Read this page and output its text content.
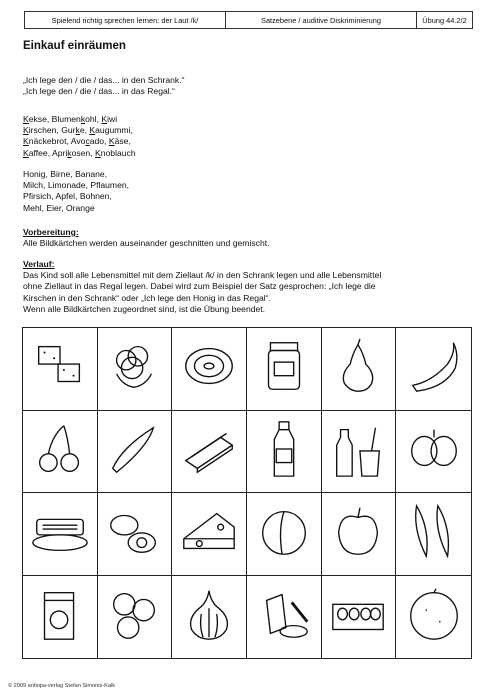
Spielend richtig sprechen lernen: der Laut /k/	Satzebene / auditive Diskriminierung	Übung 44.2/2
Einkauf einräumen

„Ich lege den / die / das... in den Schrank.“

„Ich lege den / die / das... in das Regal.“

Kekse, Blumenkohl, Kiwi

Kirschen, Gurke, Kaugummi,

Knäckebrot, Avocado, Käse,

Kaffee, Aprikosen, Knoblauch

Honig, Birne, Banane,

Milch, Limonade, Pflaumen,

Pfirsich, Apfel, Bohnen,

Mehl, Eier, Orange

Vorbereitung:

Alle Bildkärtchen werden auseinander geschnitten und gemischt.

Verlauf:

Das Kind soll alle Lebensmittel mit dem Ziellaut /k/ in den Schrank legen und alle Lebensmittel

ohne Ziellaut in das Regal legen. Dabei wird zum Beispiel der Satz gesprochen: „Ich lege die

Kirschen in den Schrank“ oder „Ich lege den Honig in das Regal“.

Wenn alle Bildkärtchen zugeordnet sind, ist die Übung beendet.

© 2009 antiopa-verlag Stefan Simonis-Kalk
